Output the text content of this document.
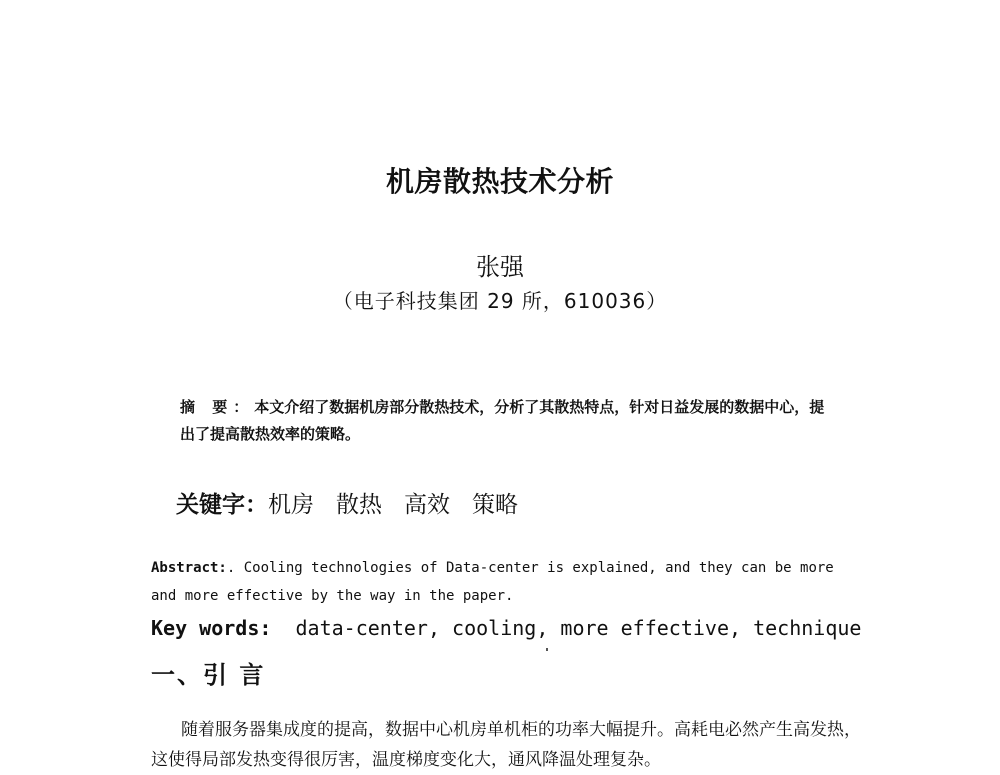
机房散热技术分析
张强
（电子科技集团 29 所，610036）
摘 要：本文介绍了数据机房部分散热技术，分析了其散热特点，针对日益发展的数据中心，提出了提高散热效率的策略。
关键字：机房 散热 高效 策略
Abstract:. Cooling technologies of Data-center is explained, and they can be more and more effective by the way in the paper.
Key words: data-center, cooling, more effective, technique
一、引 言
随着服务器集成度的提高，数据中心机房单机柜的功率大幅提升。高耗电必然产生高发热，这使得局部发热变得很厉害，温度梯度变化大，通风降温处理复杂。
